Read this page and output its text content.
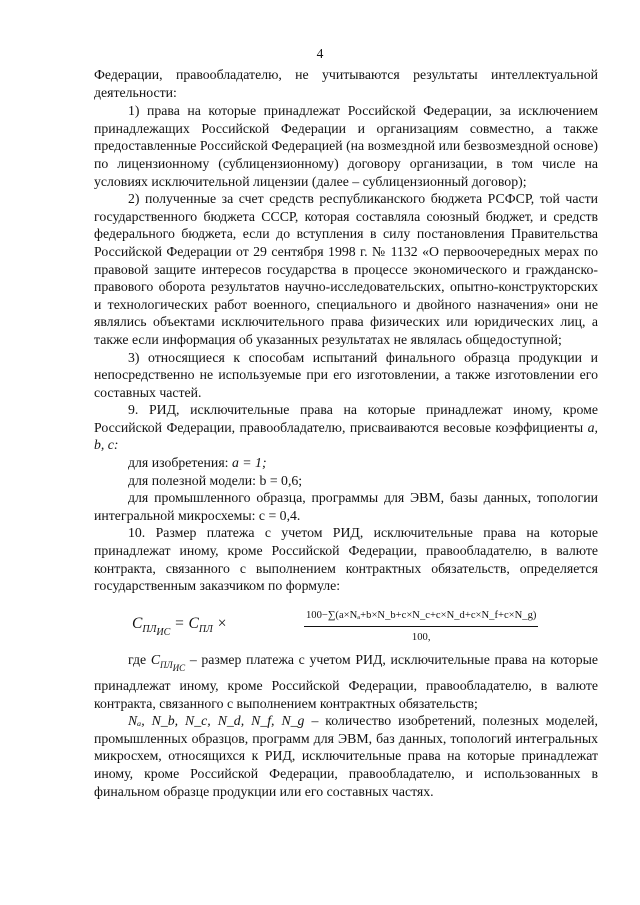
4

Федерации, правообладателю, не учитываются результаты интеллектуальной деятельности:

1) права на которые принадлежат Российской Федерации, за исключением принадлежащих Российской Федерации и организациям совместно, а также предоставленные Российской Федерацией (на возмездной или безвозмездной основе) по лицензионному (сублицензионному) договору организации, в том числе на условиях исключительной лицензии (далее – сублицензионный договор);

2) полученные за счет средств республиканского бюджета РСФСР, той части государственного бюджета СССР, которая составляла союзный бюджет, и средств федерального бюджета, если до вступления в силу постановления Правительства Российской Федерации от 29 сентября 1998 г. № 1132 «О первоочередных мерах по правовой защите интересов государства в процессе экономического и гражданско-правового оборота результатов научно-исследовательских, опытно-конструкторских и технологических работ военного, специального и двойного назначения» они не являлись объектами исключительного права физических или юридических лиц, а также если информация об указанных результатах не являлась общедоступной;

3) относящиеся к способам испытаний финального образца продукции и непосредственно не используемые при его изготовлении, а также изготовлении его составных частей.

9. РИД, исключительные права на которые принадлежат иному, кроме Российской Федерации, правообладателю, присваиваются весовые коэффициенты a, b, c:

для изобретения: a = 1;

для полезной модели: b = 0,6;

для промышленного образца, программы для ЭВМ, базы данных, топологии интегральной микросхемы: c = 0,4.

10. Размер платежа с учетом РИД, исключительные права на которые принадлежат иному, кроме Российской Федерации, правообладателю, в валюте контракта, связанного с выполнением контрактных обязательств, определяется государственным заказчиком по формуле:

$C_{ПЛ_{ИС}} = C_{ПЛ}$ ×	$\frac{\text{100−∑(a×Nₐ+b×N\_b+c×N\_c+c×N\_d+c×N\_f+c×N\_g)}}{100,}$

где $C_{ПЛ_{ИС}}$ – размер платежа с учетом РИД, исключительные права на которые принадлежат иному, кроме Российской Федерации, правообладателю, в валюте контракта, связанного с выполнением контрактных обязательств;

Nₐ, N_b, N_c, N_d, N_f, N_g – количество изобретений, полезных моделей, промышленных образцов, программ для ЭВМ, баз данных, топологий интегральных микросхем, относящихся к РИД, исключительные права на которые принадлежат иному, кроме Российской Федерации, правообладателю, и использованных в финальном образце продукции или его составных частях.
